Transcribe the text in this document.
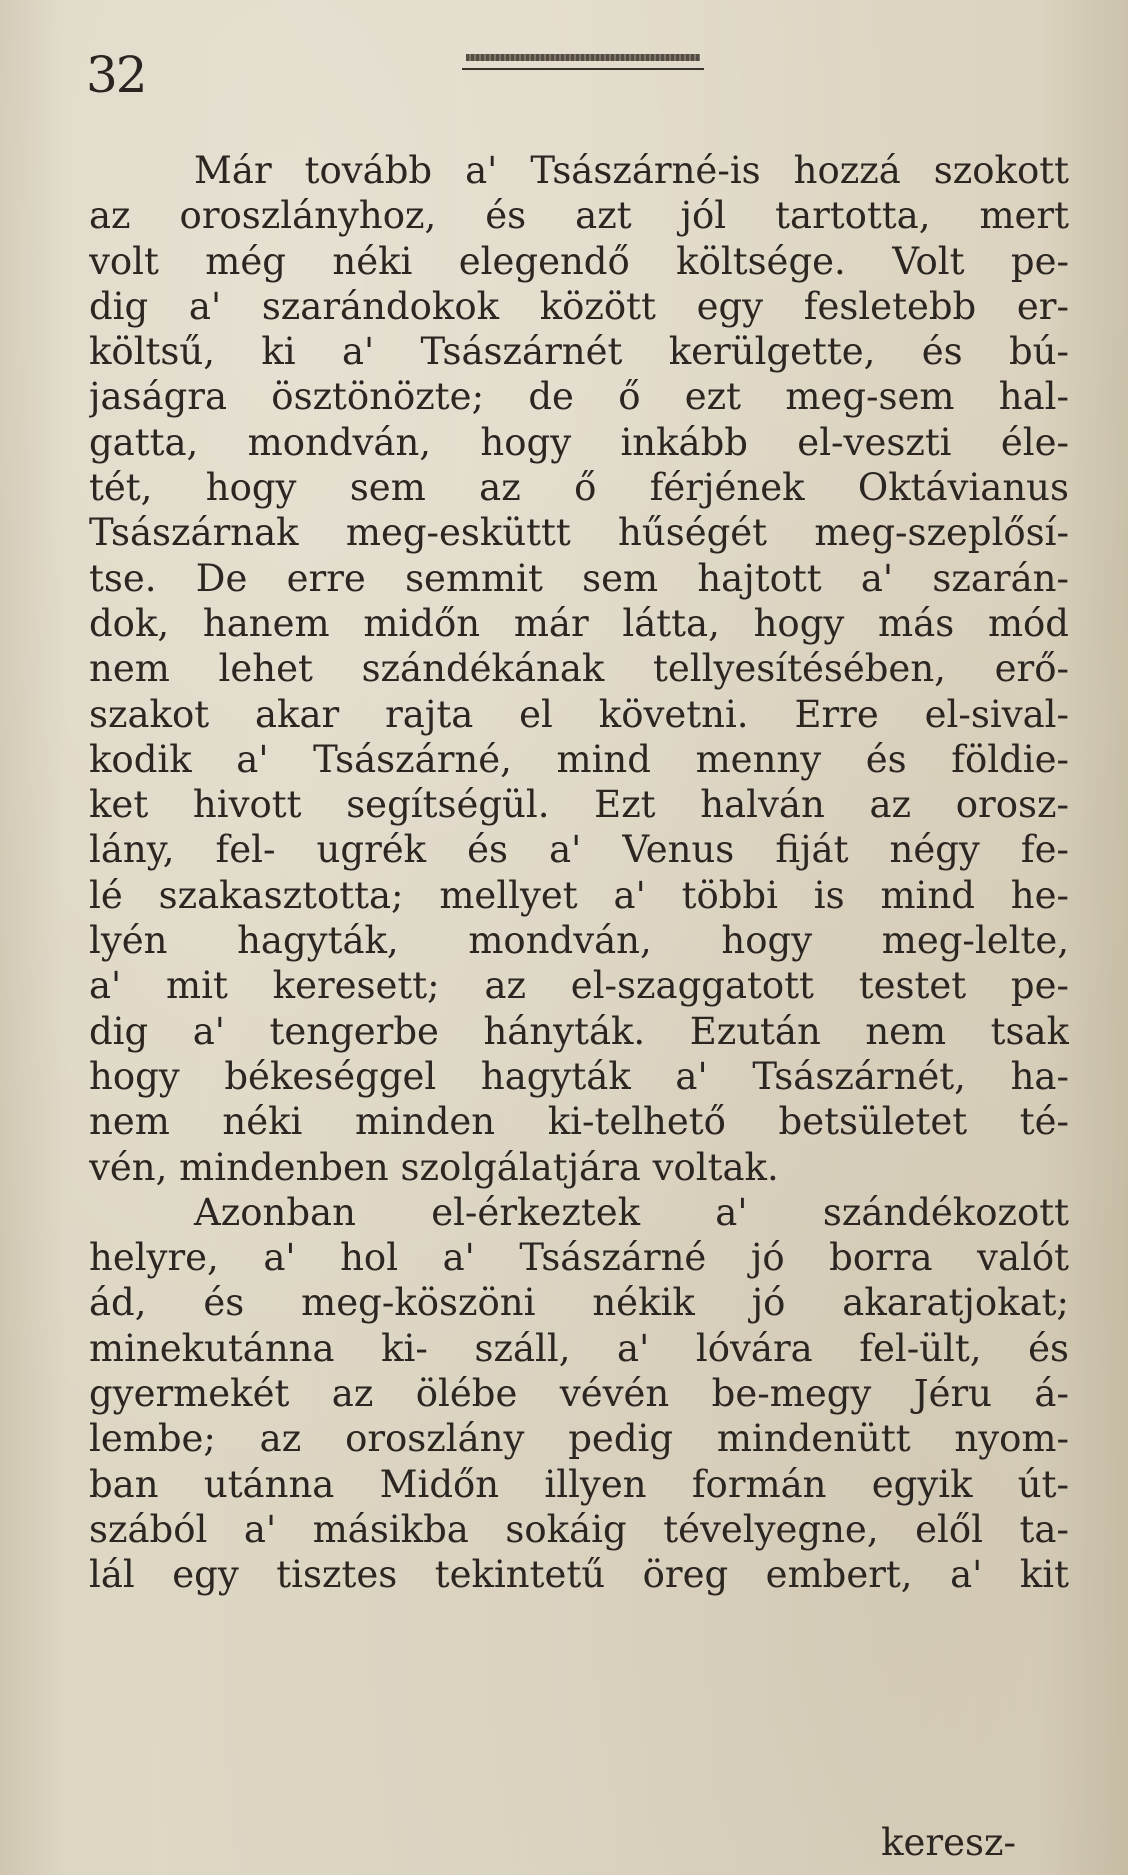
32
Már tovább a' Tsászárné-is hozzá szokott
az oroszlányhoz, és azt jól tartotta, mert
volt még néki elegendő költsége. Volt pe-
dig a' szarándokok között egy fesletebb er-
költsű, ki a' Tsászárnét kerülgette, és bú-
jaságra ösztönözte; de ő ezt meg-sem hal-
gatta, mondván, hogy inkább el-veszti éle-
tét, hogy sem az ő férjének Oktávianus
Tsászárnak meg-esküttt hűségét meg-szeplősí-
tse. De erre semmit sem hajtott a' szarán-
dok, hanem midőn már látta, hogy más mód
nem lehet szándékának tellyesítésében, erő-
szakot akar rajta el követni. Erre el-sival-
kodik a' Tsászárné, mind menny és földie-
ket hivott segítségül. Ezt halván az orosz-
lány, fel- ugrék és a' Venus fiját négy fe-
lé szakasztotta; mellyet a' többi is mind he-
lyén hagyták, mondván, hogy meg-lelte,
a' mit keresett; az el-szaggatott testet pe-
dig a' tengerbe hányták. Ezután nem tsak
hogy békeséggel hagyták a' Tsászárnét, ha-
nem néki minden ki-telhető betsületet té-
vén, mindenben szolgálatjára voltak.
Azonban el-érkeztek a' szándékozott
helyre, a' hol a' Tsászárné jó borra valót
ád, és meg-köszöni nékik jó akaratjokat;
minekutánna ki- száll, a' lóvára fel-ült, és
gyermekét az ölébe vévén be-megy Jéru á-
lembe; az oroszlány pedig mindenütt nyom-
ban utánna Midőn illyen formán egyik út-
szából a' másikba sokáig tévelyegne, elől ta-
lál egy tisztes tekintetű öreg embert, a' kit
keresz-
